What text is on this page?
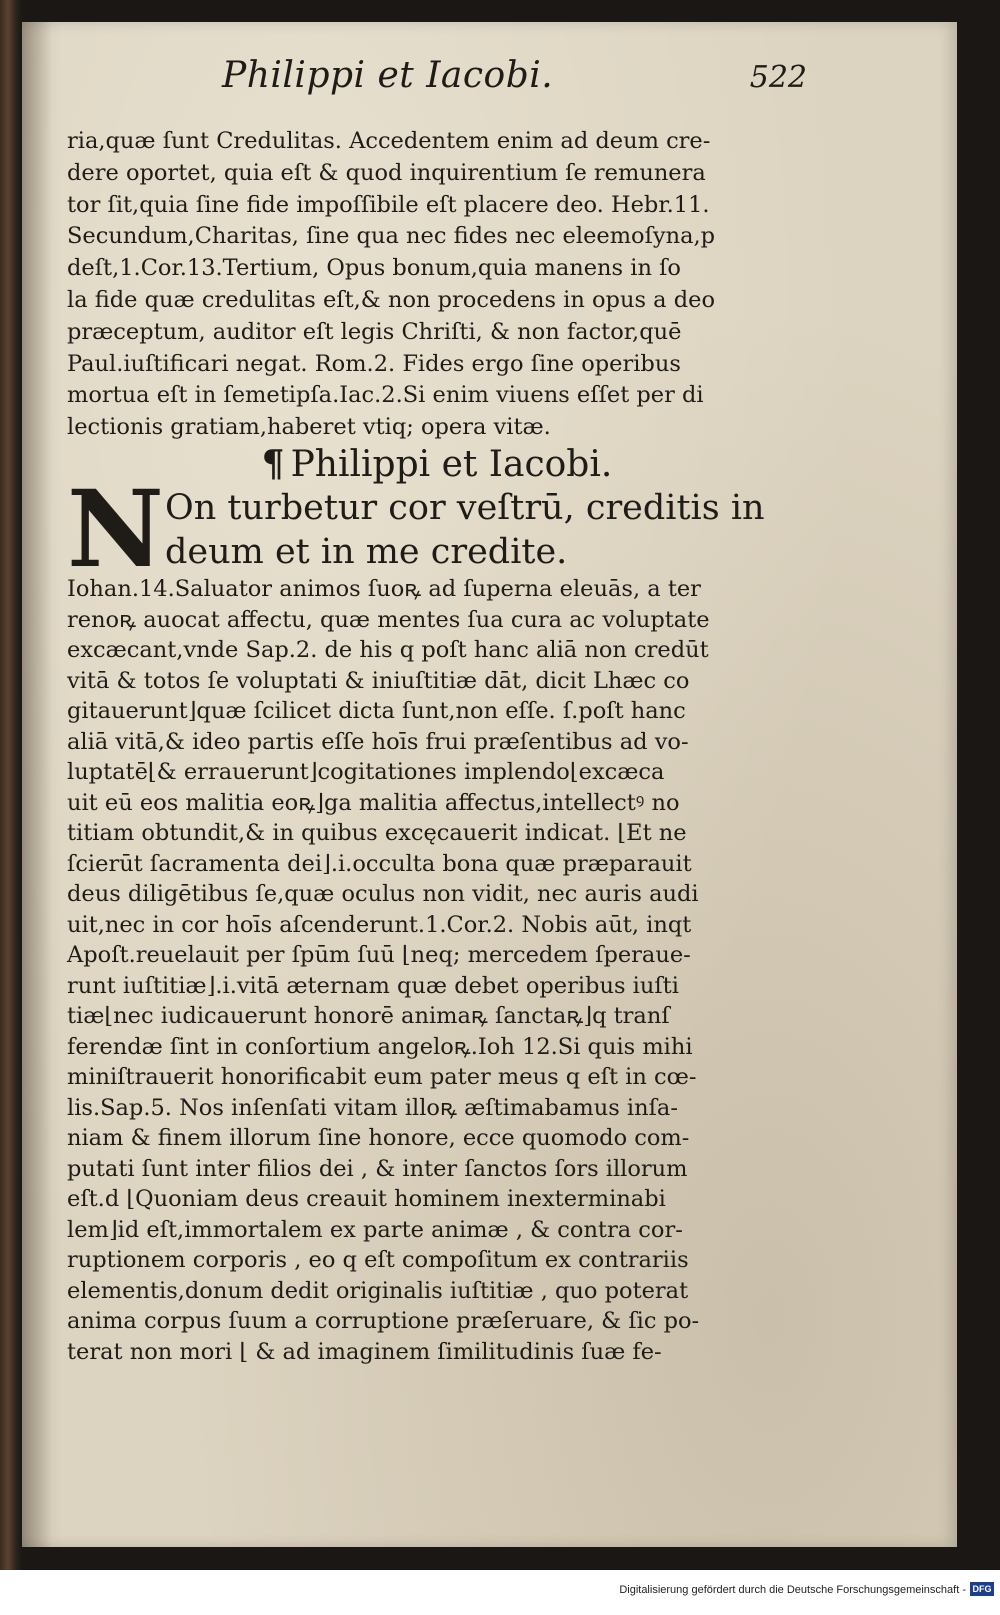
Philippi et Iacobi.	522

ria,quæ ſunt Credulitas. Accedentem enim ad deum cre-
dere oportet, quia eſt & quod inquirentium ſe remunera
tor ſit,quia ſine fide impoſſibile eſt placere deo. Hebr.11.
Secundum,Charitas, ſine qua nec fides nec eleemoſyna,p
deſt,1.Cor.13.Tertium, Opus bonum,quia manens in ſo
la fide quæ credulitas eſt,& non procedens in opus a deo
præceptum, auditor eſt legis Chriſti, & non factor,quē
Paul.iuſtificari negat. Rom.2. Fides ergo ſine operibus
mortua eſt in ſemetipſa.Iac.2.Si enim viuens eſſet per di
lectionis gratiam,haberet vtiq; opera vitæ.

¶ Philippi et Iacobi.
N On turbetur cor veſtrū, creditis in
deum et in me credite.

Iohan.14.Saluator animos ſuoꝶ ad ſuperna eleuās, a ter
renoꝶ auocat affectu, quæ mentes ſua cura ac voluptate
excæcant,vnde Sap.2. de his q poſt hanc aliā non credūt
vitā & totos ſe voluptati & iniuſtitiæ dāt, dicit Lhæc co
gitauerunt⌋quæ ſcilicet dicta ſunt,non eſſe. ſ.poſt hanc
aliā vitā,& ideo partis eſſe hoīs frui præſentibus ad vo-
luptatē⌊& errauerunt⌋cogitationes implendo⌊excæca
uit eū eos malitia eoꝶ⌋ga malitia affectus,intellectꝰ no
titiam obtundit,& in quibus excęcauerit indicat. ⌊Et ne
ſcierūt ſacramenta dei⌋.i.occulta bona quæ præparauit
deus diligētibus ſe,quæ oculus non vidit, nec auris audi
uit,nec in cor hoīs aſcenderunt.1.Cor.2. Nobis aūt, inqt
Apoſt.reuelauit per ſpūm ſuū ⌊neq; mercedem ſperaue-
runt iuſtitiæ⌋.i.vitā æternam quæ debet operibus iuſti
tiæ⌊nec iudicauerunt honorē animaꝶ ſanctaꝶ⌋q tranſ
ferendæ ſint in conſortium angeloꝶ.Ioh 12.Si quis mihi
miniſtrauerit honorificabit eum pater meus q eſt in cœ-
lis.Sap.5. Nos inſenſati vitam illoꝶ æſtimabamus inſa-
niam & finem illorum ſine honore, ecce quomodo com-
putati ſunt inter filios dei , & inter ſanctos ſors illorum
eſt.d ⌊Quoniam deus creauit hominem inexterminabi
lem⌋id eſt,immortalem ex parte animæ , & contra cor-
ruptionem corporis , eo q eſt compoſitum ex contrariis
elementis,donum dedit originalis iuſtitiæ , quo poterat
anima corpus ſuum a corruptione præſeruare, & ſic po-
terat non mori ⌊ & ad imaginem ſimilitudinis ſuæ fe-

Digitalisierung gefördert durch die Deutsche Forschungsgemeinschaft - DFG
